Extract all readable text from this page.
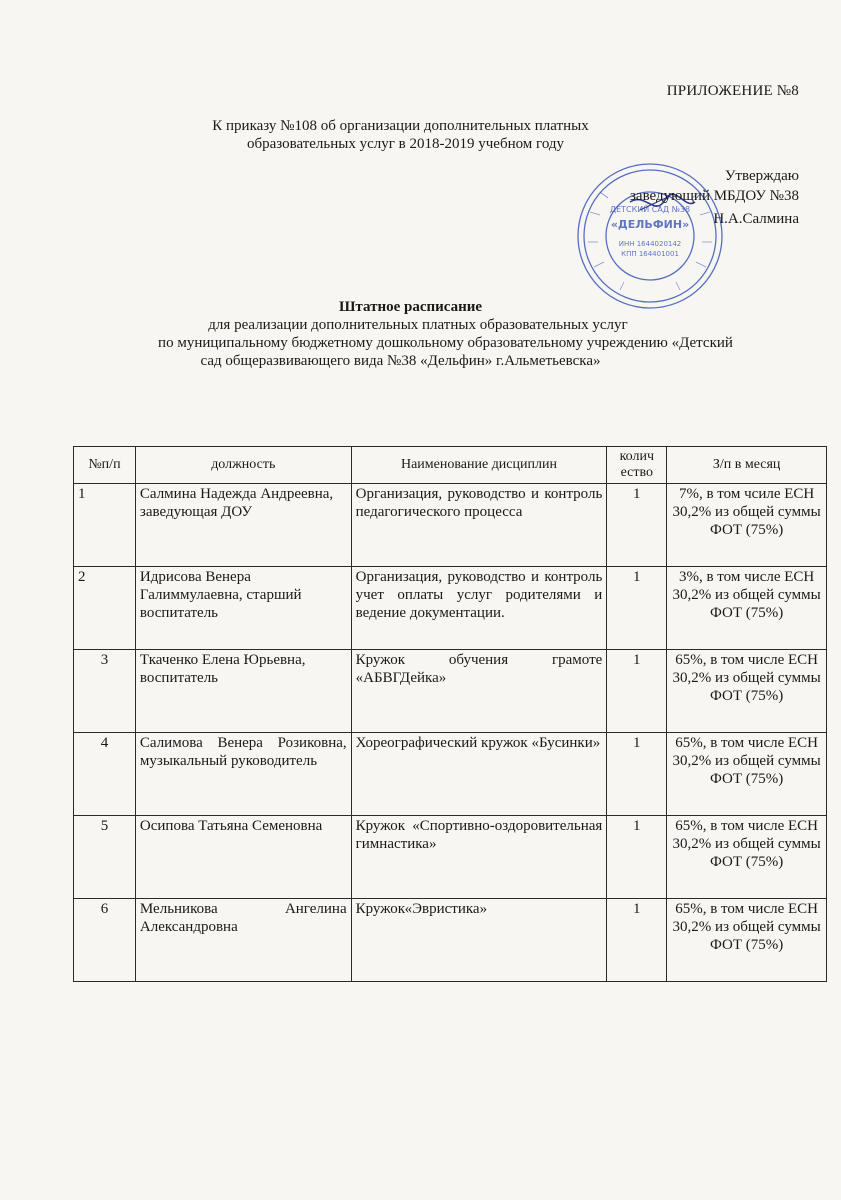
ПРИЛОЖЕНИЕ №8
К приказу №108 об организации дополнительных платных
образовательных услуг в 2018-2019 учебном году
ДЕТСКИЙ САД №38
«ДЕЛЬФИН»
ИНН 1644020142
КПП 164401001
Утверждаю
заведующий МБДОУ №38
Н.А.Салмина
Штатное расписание
для реализации дополнительных платных образовательных услуг
по муниципальному бюджетному дошкольному образовательному учреждению «Детский
сад общеразвивающего вида №38 «Дельфин» г.Альметьевска»
№п/п	должность	Наименование дисциплин	колич
ество	З/п в месяц
1	Салмина Надежда Андреевна, заведующая ДОУ	Организация, руководство и контроль педагогического процесса	1	7%, в том чсиле ЕСН 30,2% из общей суммы ФОТ (75%)
2	Идрисова Венера Галиммулаевна, старший воспитатель	Организация, руководство и контроль учет оплаты услуг родителями и ведение документации.	1	3%, в том числе ЕСН 30,2% из общей суммы ФОТ (75%)
3	Ткаченко Елена Юрьевна, воспитатель	Кружок обучения грамоте «АБВГДейка»	1	65%, в том числе ЕСН 30,2% из общей суммы ФОТ (75%)
4	Салимова Венера Розиковна, музыкальный руководитель	Хореографический кружок «Бусинки»	1	65%, в том числе ЕСН 30,2% из общей суммы ФОТ (75%)
5	Осипова Татьяна Семеновна	Кружок «Спортивно-оздоровительная гимнастика»	1	65%, в том числе ЕСН 30,2% из общей суммы ФОТ (75%)
6	Мельникова Ангелина Александровна	Кружок«Эвристика»	1	65%, в том числе ЕСН 30,2% из общей суммы ФОТ (75%)
